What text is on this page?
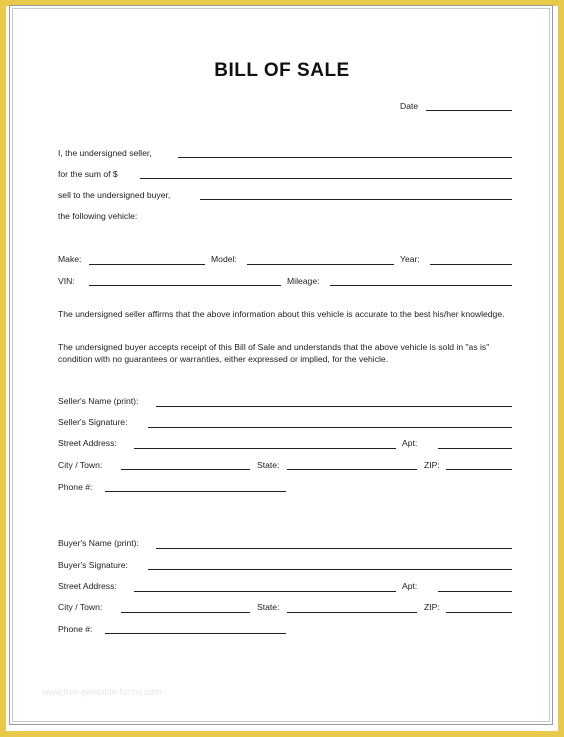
BILL OF SALE
Date
I, the undersigned seller,
for the sum of $
sell to the undersigned buyer,
the following vehicle:
Make:	Model:	Year:
VIN:	Mileage:
The undersigned seller affirms that the above information about this vehicle is accurate to the best his/her knowledge.
The undersigned buyer accepts receipt of this Bill of Sale and understands that the above vehicle is sold in "as is" condition with no guarantees or warranties, either expressed or implied, for the vehicle.
Seller's Name (print):
Seller's Signature:
Street Address:	Apt:
City / Town:	State:	ZIP:
Phone #:
Buyer's Name (print):
Buyer's Signature:
Street Address:	Apt:
City / Town:	State:	ZIP:
Phone #:
www.free-printable-forms.com
